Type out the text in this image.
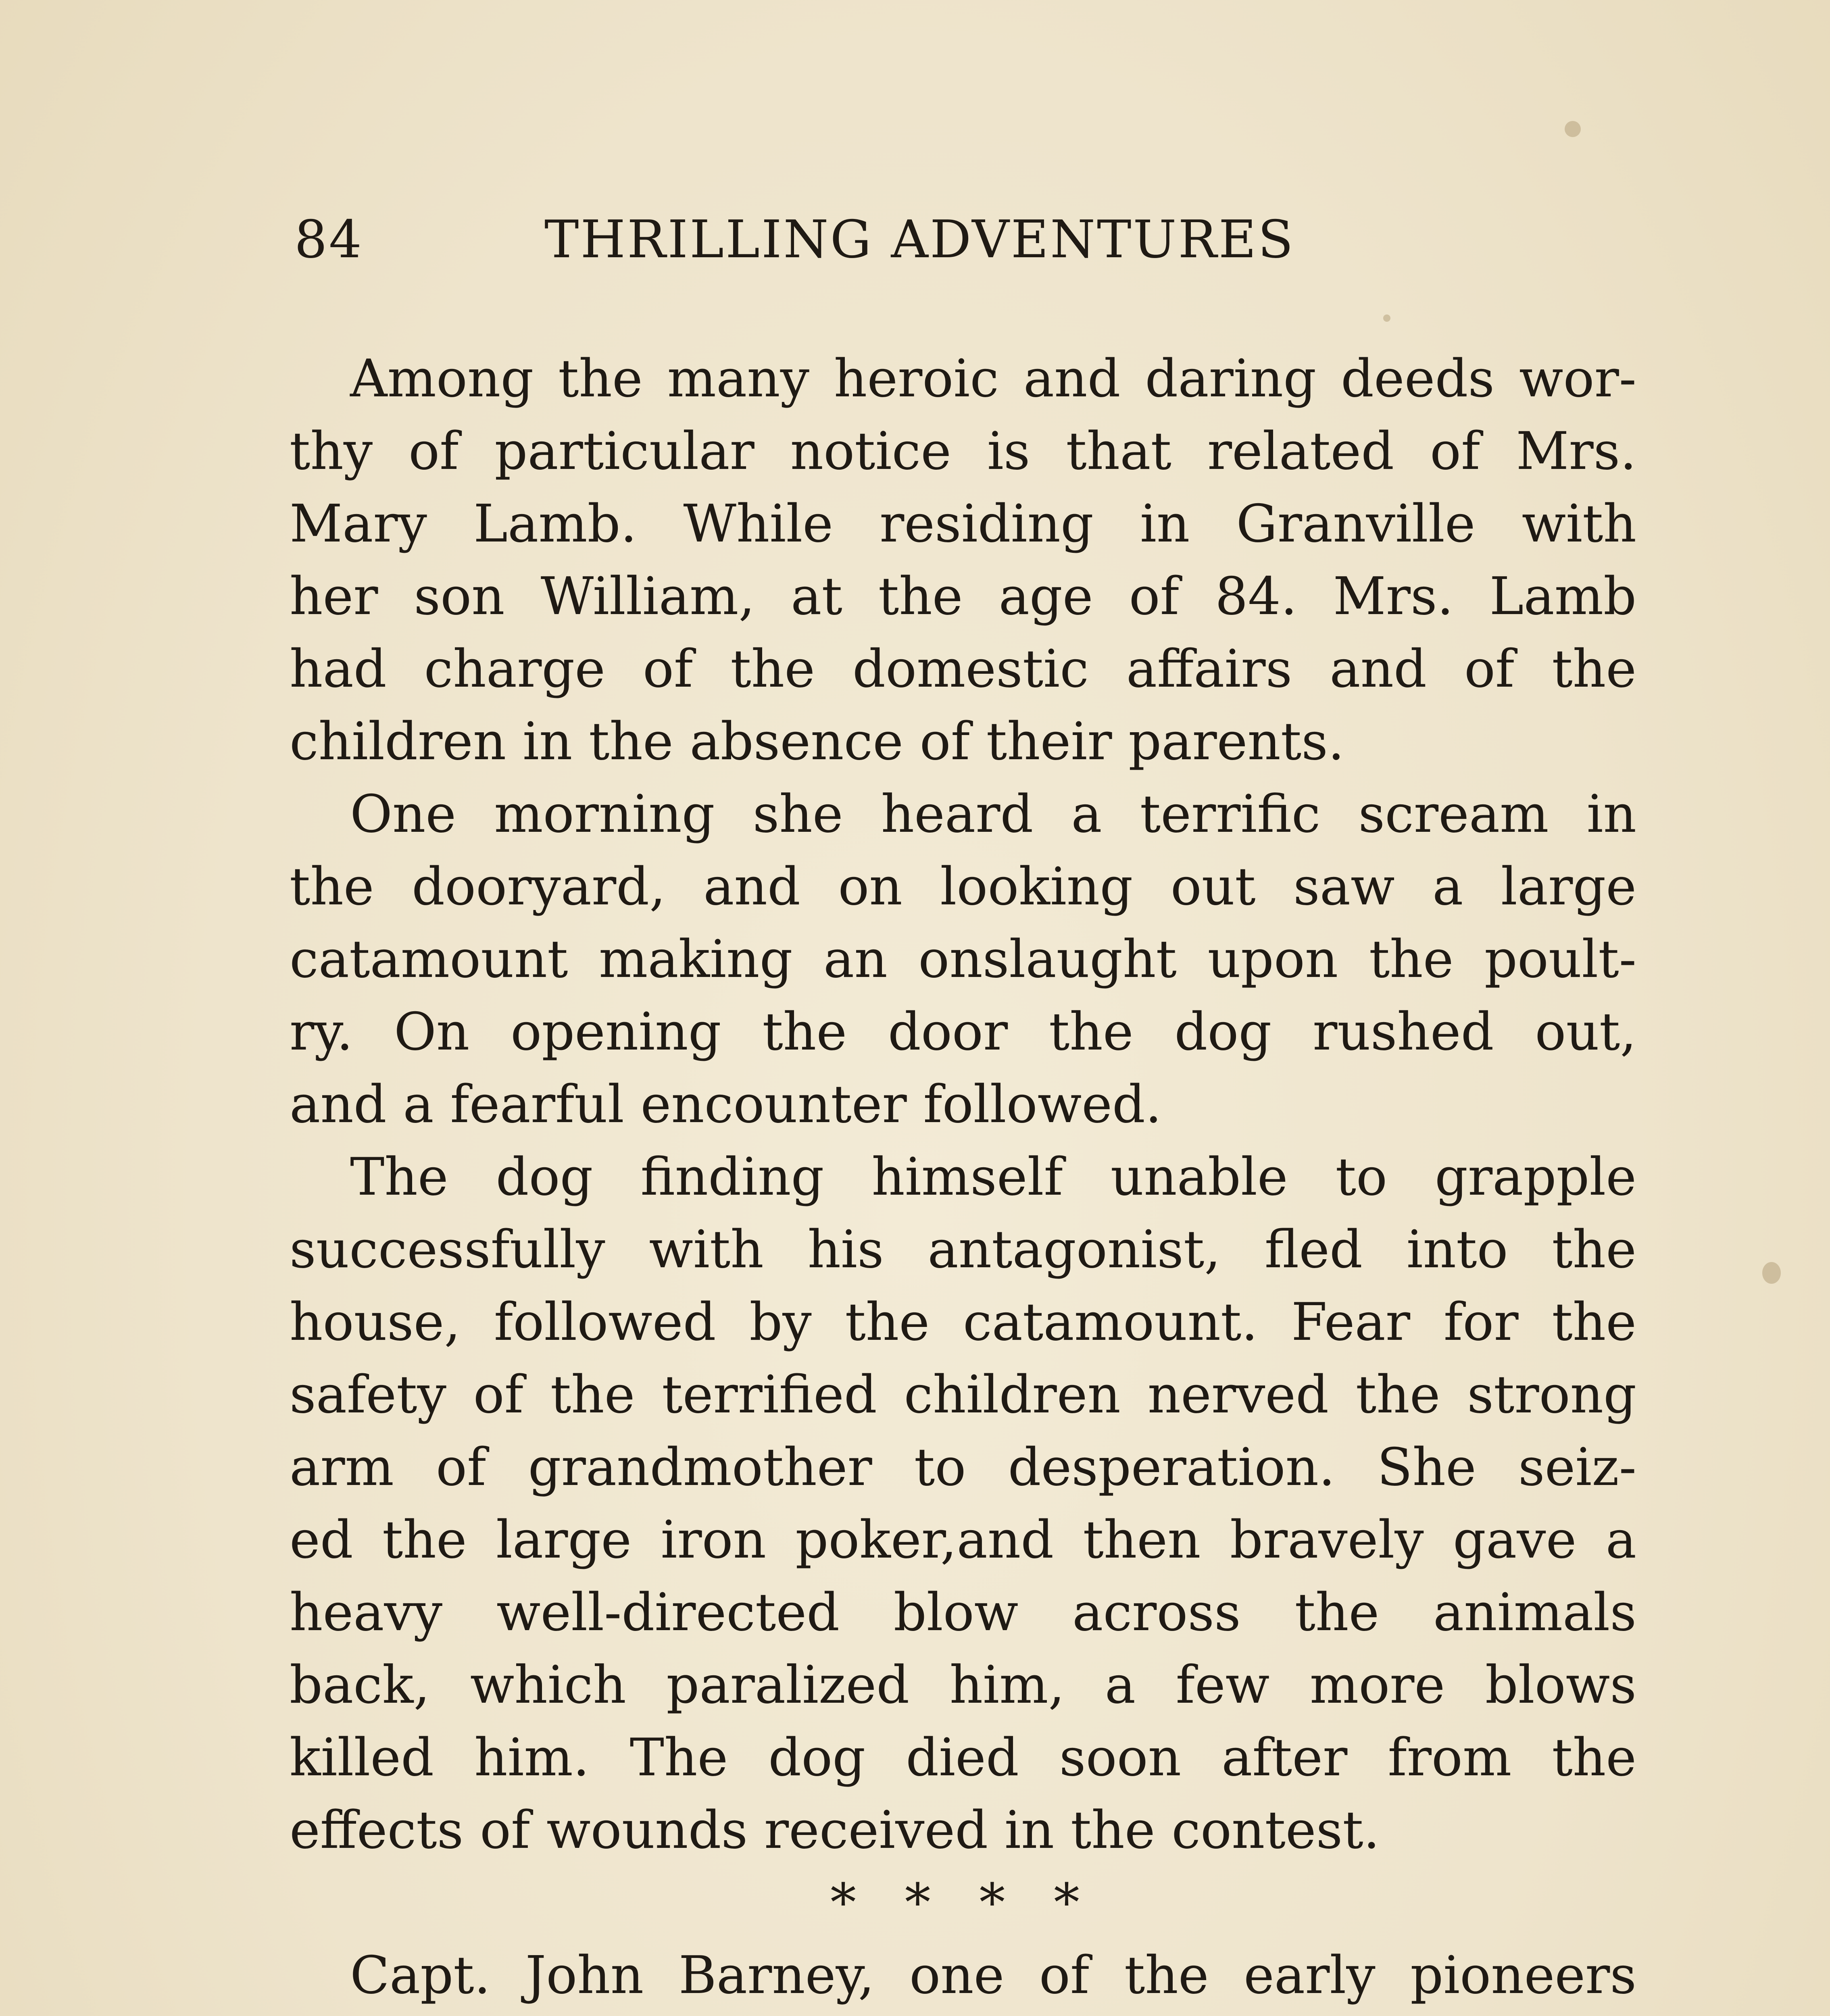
84	THRILLING ADVENTURES
Among the many heroic and daring deeds wor-
thy of particular notice is that related of Mrs.
Mary Lamb. While residing in Granville with
her son William, at the age of 84. Mrs. Lamb
had charge of the domestic affairs and of the
children in the absence of their parents.
One morning she heard a terrific scream in
the dooryard, and on looking out saw a large
catamount making an onslaught upon the poult-
ry. On opening the door the dog rushed out,
and a fearful encounter followed.
The dog finding himself unable to grapple
successfully with his antagonist, fled into the
house, followed by the catamount. Fear for the
safety of the terrified children nerved the strong
arm of grandmother to desperation. She seiz-
ed the large iron poker,and then bravely gave a
heavy well-directed blow across the animals
back, which paralized him, a few more blows
killed him. The dog died soon after from the
effects of wounds received in the contest.
* * * *
Capt. John Barney, one of the early pioneers
